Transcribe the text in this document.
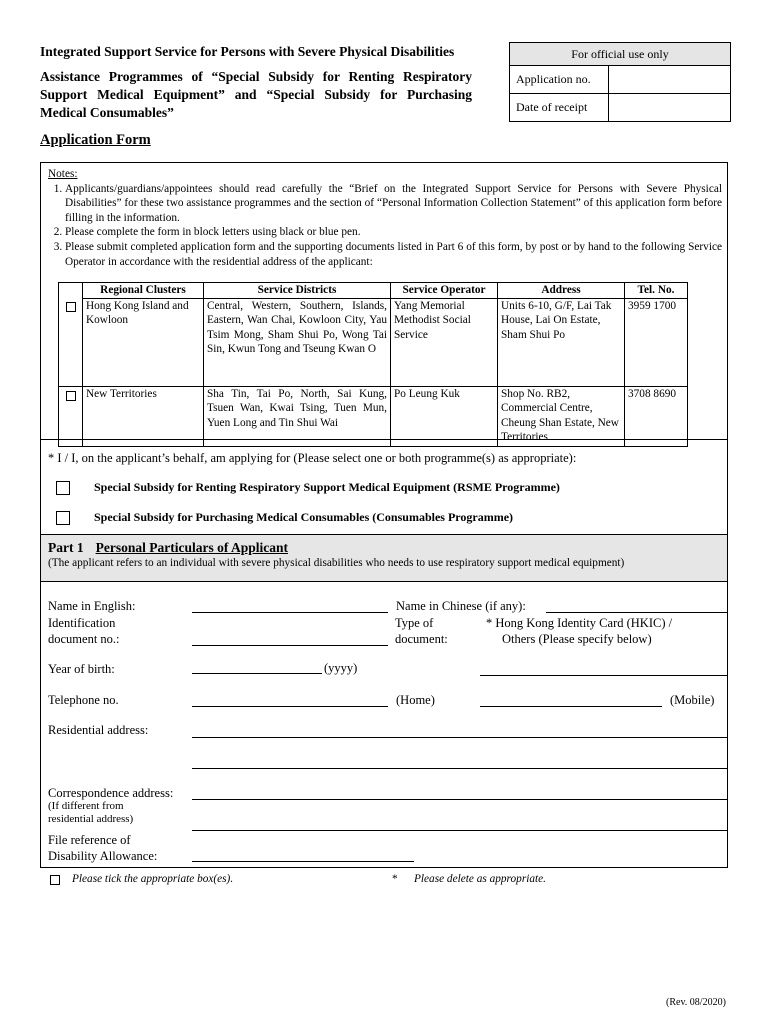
Integrated Support Service for Persons with Severe Physical Disabilities
Assistance Programmes of “Special Subsidy for Renting Respiratory Support Medical Equipment” and “Special Subsidy for Purchasing Medical Consumables”
For official use only
Application no.
Date of receipt
Application Form
Notes:
1. Applicants/guardians/appointees should read carefully the “Brief on the Integrated Support Service for Persons with Severe Physical Disabilities” for these two assistance programmes and the section of “Personal Information Collection Statement” of this application form before filling in the information.
2. Please complete the form in block letters using black or blue pen.
3. Please submit completed application form and the supporting documents listed in Part 6 of this form, by post or by hand to the following Service Operator in accordance with the residential address of the applicant:
	Regional Clusters	Service Districts	Service Operator	Address	Tel. No.
	Hong Kong Island and Kowloon	Central, Western, Southern, Islands, Eastern, Wan Chai, Kowloon City, Yau Tsim Mong, Sham Shui Po, Wong Tai Sin, Kwun Tong and Tseung Kwan O	Yang Memorial Methodist Social Service	Units 6-10, G/F, Lai Tak House, Lai On Estate, Sham Shui Po	3959 1700
	New Territories	Sha Tin, Tai Po, North, Sai Kung, Tsuen Wan, Kwai Tsing, Tuen Mun, Yuen Long and Tin Shui Wai	Po Leung Kuk	Shop No. RB2, Commercial Centre, Cheung Shan Estate, New Territories	3708 8690
* I / I, on the applicant’s behalf, am applying for (Please select one or both programme(s) as appropriate):
Special Subsidy for Renting Respiratory Support Medical Equipment (RSME Programme)
Special Subsidy for Purchasing Medical Consumables (Consumables Programme)
Part 1 Personal Particulars of Applicant
(The applicant refers to an individual with severe physical disabilities who needs to use respiratory support medical equipment)
Name in English:	Name in Chinese (if any):
Identification
document no.:
Type of
document:
* Hong Kong Identity Card (HKIC) /
Others (Please specify below)
Year of birth:	(yyyy)
Telephone no.	(Home)	(Mobile)
Residential address:
Correspondence address:
(If different from
residential address)
File reference of
Disability Allowance:
Please tick the appropriate box(es).	* Please delete as appropriate.
(Rev. 08/2020)
